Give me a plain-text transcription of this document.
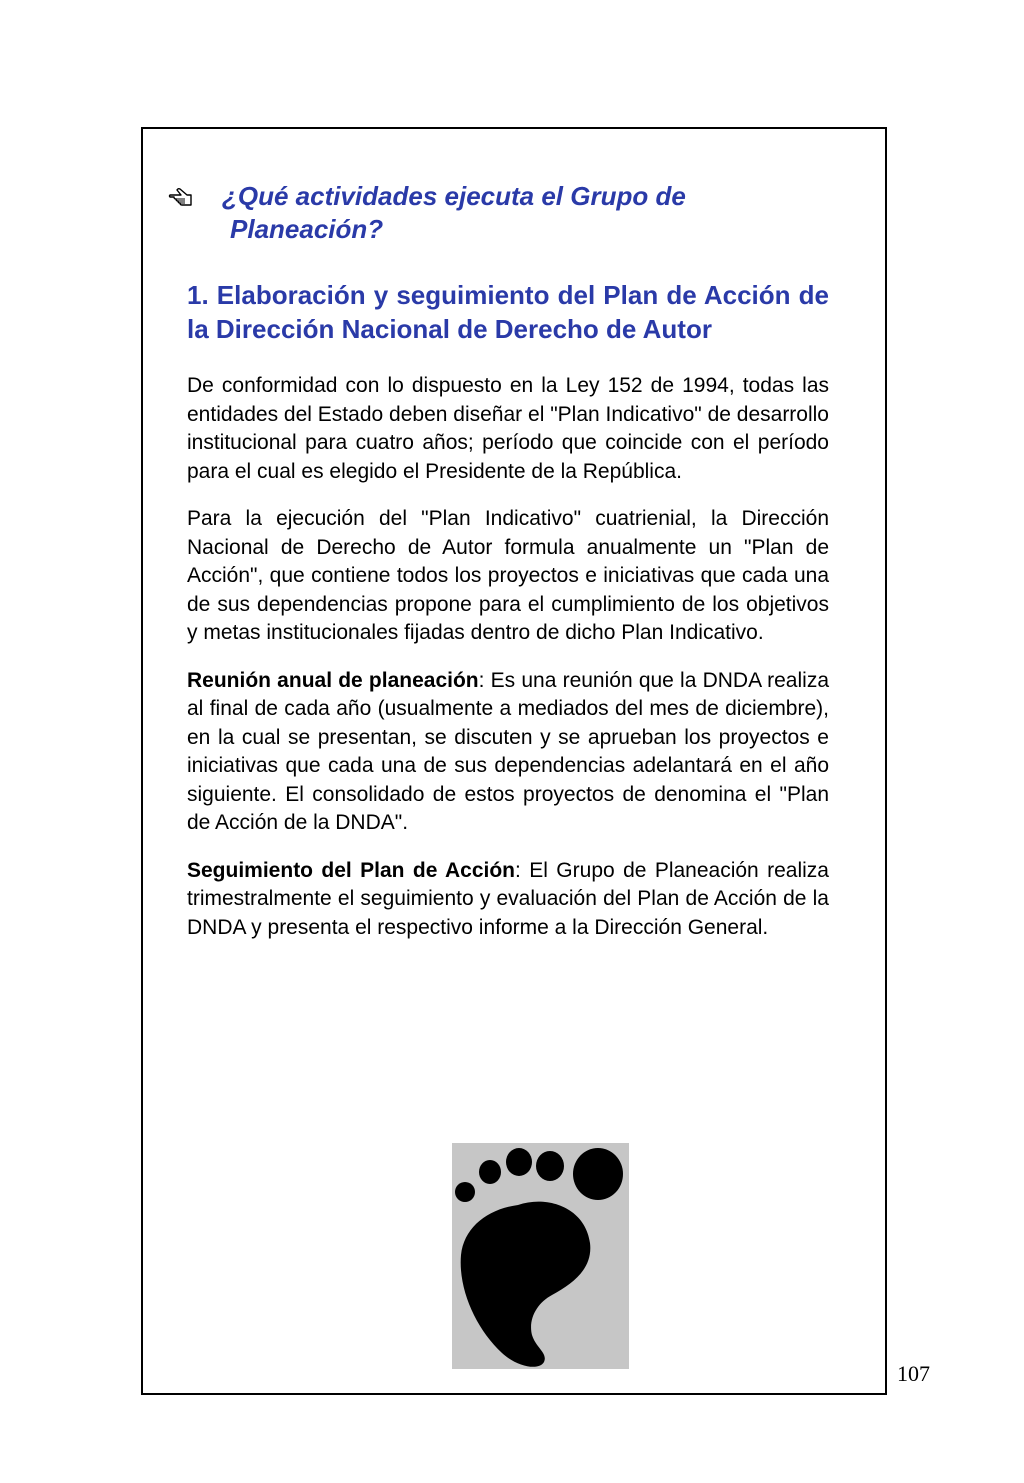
¿Qué actividades ejecuta el Grupo de
Planeación?
1. Elaboración y seguimiento del Plan de Acción de la Dirección Nacional de Derecho de Autor

De conformidad con lo dispuesto en la Ley 152 de 1994, todas las entidades del Estado deben diseñar el "Plan Indicativo" de desarrollo institucional para cuatro años; período que coincide con el período para el cual es elegido el Presidente de la República.

Para la ejecución del "Plan Indicativo" cuatrienial, la Dirección Nacional de Derecho de Autor formula anualmente un "Plan de Acción", que contiene todos los proyectos e iniciativas que cada una de sus dependencias propone para el cumplimiento de los objetivos y metas institucionales fijadas dentro de dicho Plan Indicativo.

Reunión anual de planeación: Es una reunión que la DNDA realiza al final de cada año (usualmente a mediados del mes de diciembre), en la cual se presentan, se discuten y se aprueban los proyectos e iniciativas que cada una de sus dependencias adelantará en el año siguiente. El consolidado de estos proyectos de denomina el "Plan de Acción de la DNDA".

Seguimiento del Plan de Acción: El Grupo de Planeación realiza trimestralmente el seguimiento y evaluación del Plan de Acción de la DNDA y presenta el respectivo informe a la Dirección General.

107
